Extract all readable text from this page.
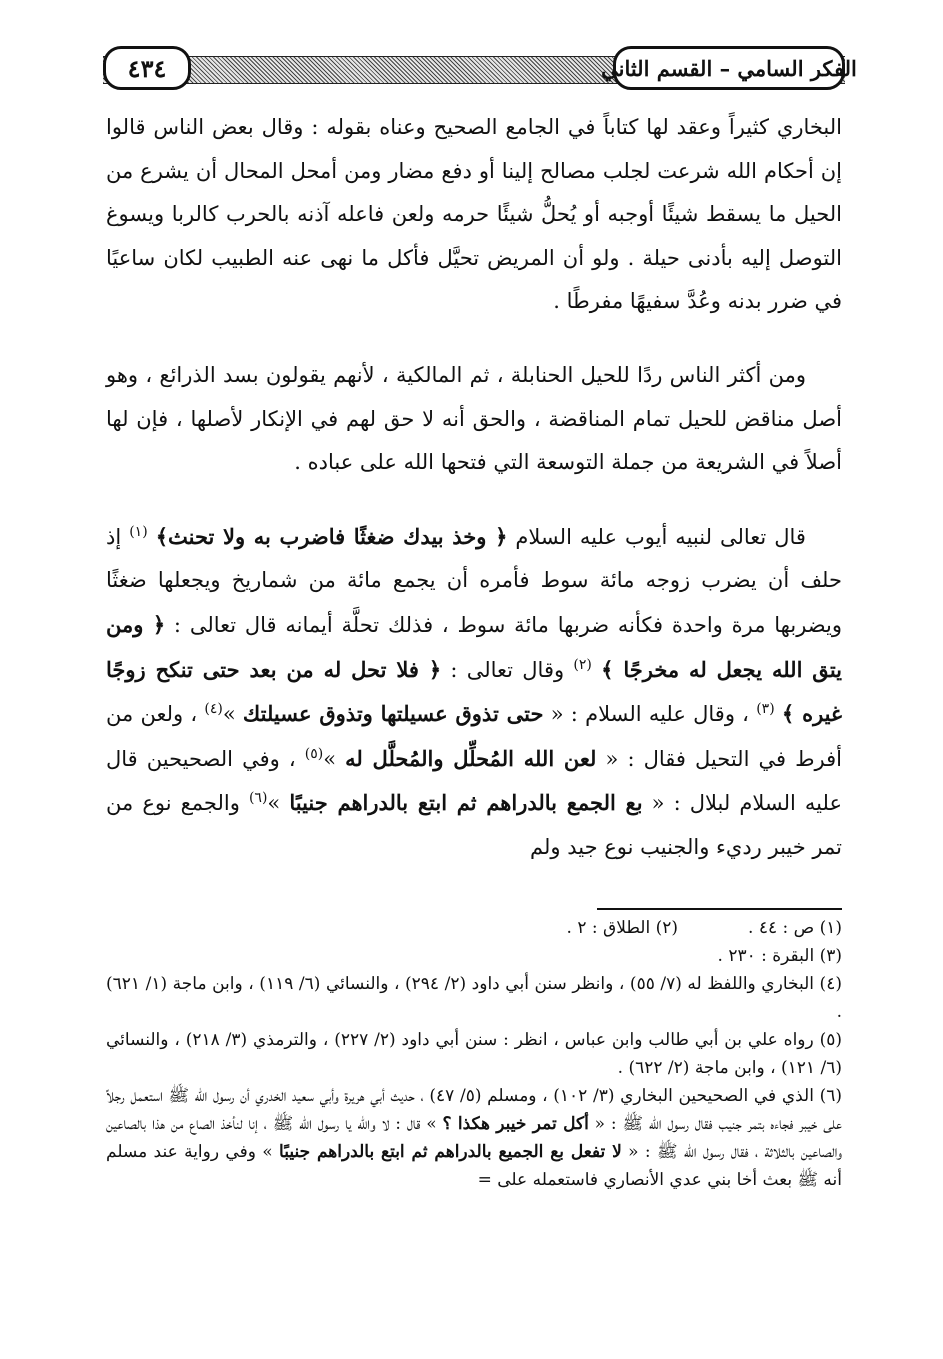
الفكر السامي – القسم الثاني
٤٣٤

البخاري كثيراً وعقد لها كتاباً في الجامع الصحيح وعناه بقوله : وقال بعض الناس قالوا إن أحكام الله شرعت لجلب مصالح إلينا أو دفع مضار ومن أمحل المحال أن يشرع من الحيل ما يسقط شيئًا أوجبه أو يُحلُّ شيئًا حرمه ولعن فاعله آذنه بالحرب كالربا ويسوغ التوصل إليه بأدنى حيلة . ولو أن المريض تحيَّل فأكل ما نهى عنه الطبيب لكان ساعيًا في ضرر بدنه وعُدَّ سفيهًا مفرطًا .

ومن أكثر الناس ردًا للحيل الحنابلة ، ثم المالكية ، لأنهم يقولون بسد الذرائع ، وهو أصل مناقض للحيل تمام المناقضة ، والحق أنه لا حق لهم في الإنكار لأصلها ، فإن لها أصلاً في الشريعة من جملة التوسعة التي فتحها الله على عباده .

قال تعالى لنبيه أيوب عليه السلام ﴿ وخذ بيدك ضغثًا فاضرب به ولا تحنث﴾ $^{(١)}$ إذ حلف أن يضرب زوجه مائة سوط فأمره أن يجمع مائة من شماريخ ويجعلها ضغثًا ويضربها مرة واحدة فكأنه ضربها مائة سوط ، فذلك تحلَّة أيمانه قال تعالى : ﴿ ومن يتق الله يجعل له مخرجًا ﴾ $^{(٢)}$ وقال تعالى : ﴿ فلا تحل له من بعد حتى تنكح زوجًا غيره ﴾ $^{(٣)}$ ، وقال عليه السلام : « حتى تذوق عسيلتها وتذوق عسيلتك »$^{(٤)}$ ، ولعن من أفرط في التحيل فقال : « لعن الله المُحلِّل والمُحلَّل له »$^{(٥)}$ ، وفي الصحيحين قال عليه السلام لبلال : « بع الجمع بالدراهم ثم ابتع بالدراهم جنيبًا »$^{(٦)}$ والجمع نوع من تمر خيبر رديء والجنيب نوع جيد ولم

(١) ص : ٤٤ .
(٢) الطلاق : ٢ .
(٣) البقرة : ٢٣٠ .
(٤) البخاري واللفظ له (٧/ ٥٥) ، وانظر سنن أبي داود (٢/ ٢٩٤) ، والنسائي (٦/ ١١٩) ، وابن ماجة (١/ ٦٢١) .
(٥) رواه علي بن أبي طالب وابن عباس ، انظر : سنن أبي داود (٢/ ٢٢٧) ، والترمذي (٣/ ٢١٨) ، والنسائي (٦/ ١٢١) ، وابن ماجة (٢/ ٦٢٢) .
(٦) الذي في الصحيحين البخاري (٣/ ١٠٢) ، ومسلم (٥/ ٤٧) ، حديث أبي هريرة وأبي سعيد الخدري أن رسول الله ﷺ استعمل رجلاً على خيبر فجاءه بتمر جنيب فقال رسول الله ﷺ : « أكل تمر خيبر هكذا ؟ » قال : لا والله يا رسول الله ﷺ ، إنا لنأخذ الصاع من هذا بالصاعين والصاعين بالثلاثة ، فقال رسول الله ﷺ : « لا تفعل بع الجميع بالدراهم ثم ابتع بالدراهم جنيبًا » وفي رواية عند مسلم أنه ﷺ بعث أخا بني عدي الأنصاري فاستعمله على =
